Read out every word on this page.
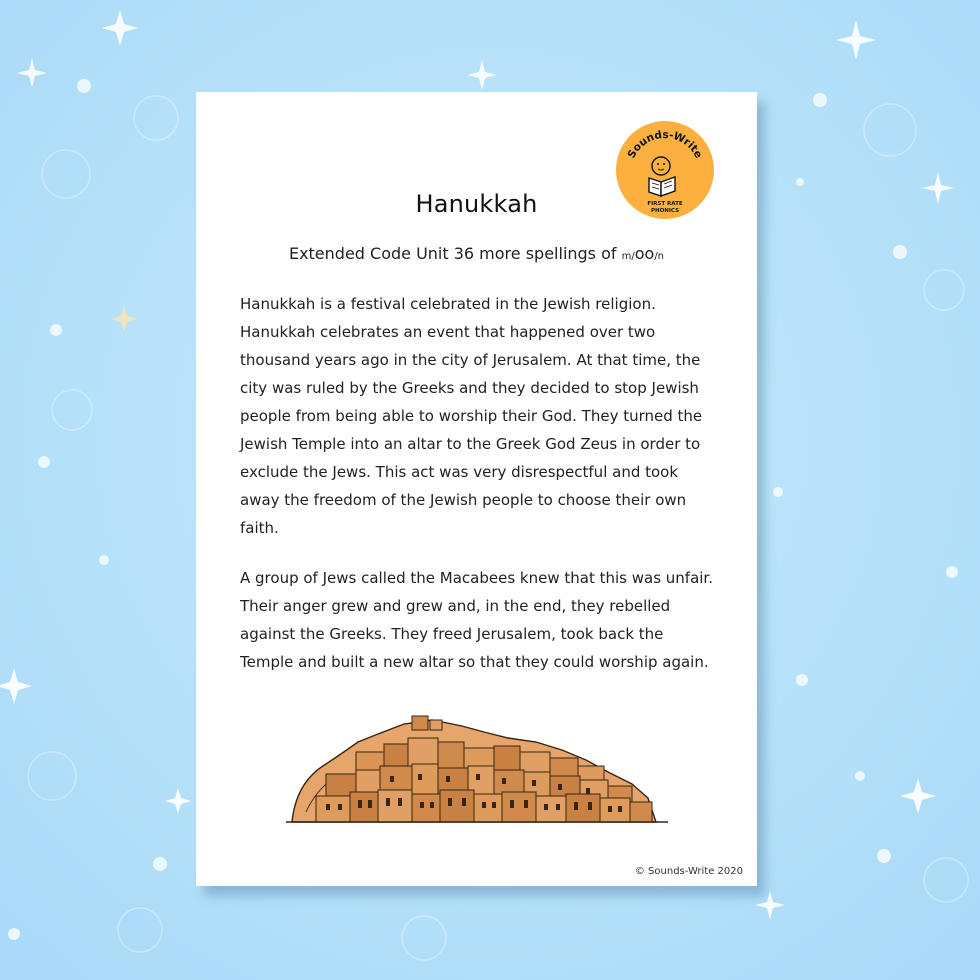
Sounds-Write
FIRST RATE
PHONICS
Hanukkah

Extended Code Unit 36 more spellings of m/oo/n

Hanukkah is a festival celebrated in the Jewish religion. Hanukkah celebrates an event that happened over two thousand years ago in the city of Jerusalem. At that time, the city was ruled by the Greeks and they decided to stop Jewish people from being able to worship their God. They turned the Jewish Temple into an altar to the Greek God Zeus in order to exclude the Jews. This act was very disrespectful and took away the freedom of the Jewish people to choose their own faith.

A group of Jews called the Macabees knew that this was unfair. Their anger grew and grew and, in the end, they rebelled against the Greeks. They freed Jerusalem, took back the Temple and built a new altar so that they could worship again.

© Sounds-Write 2020
